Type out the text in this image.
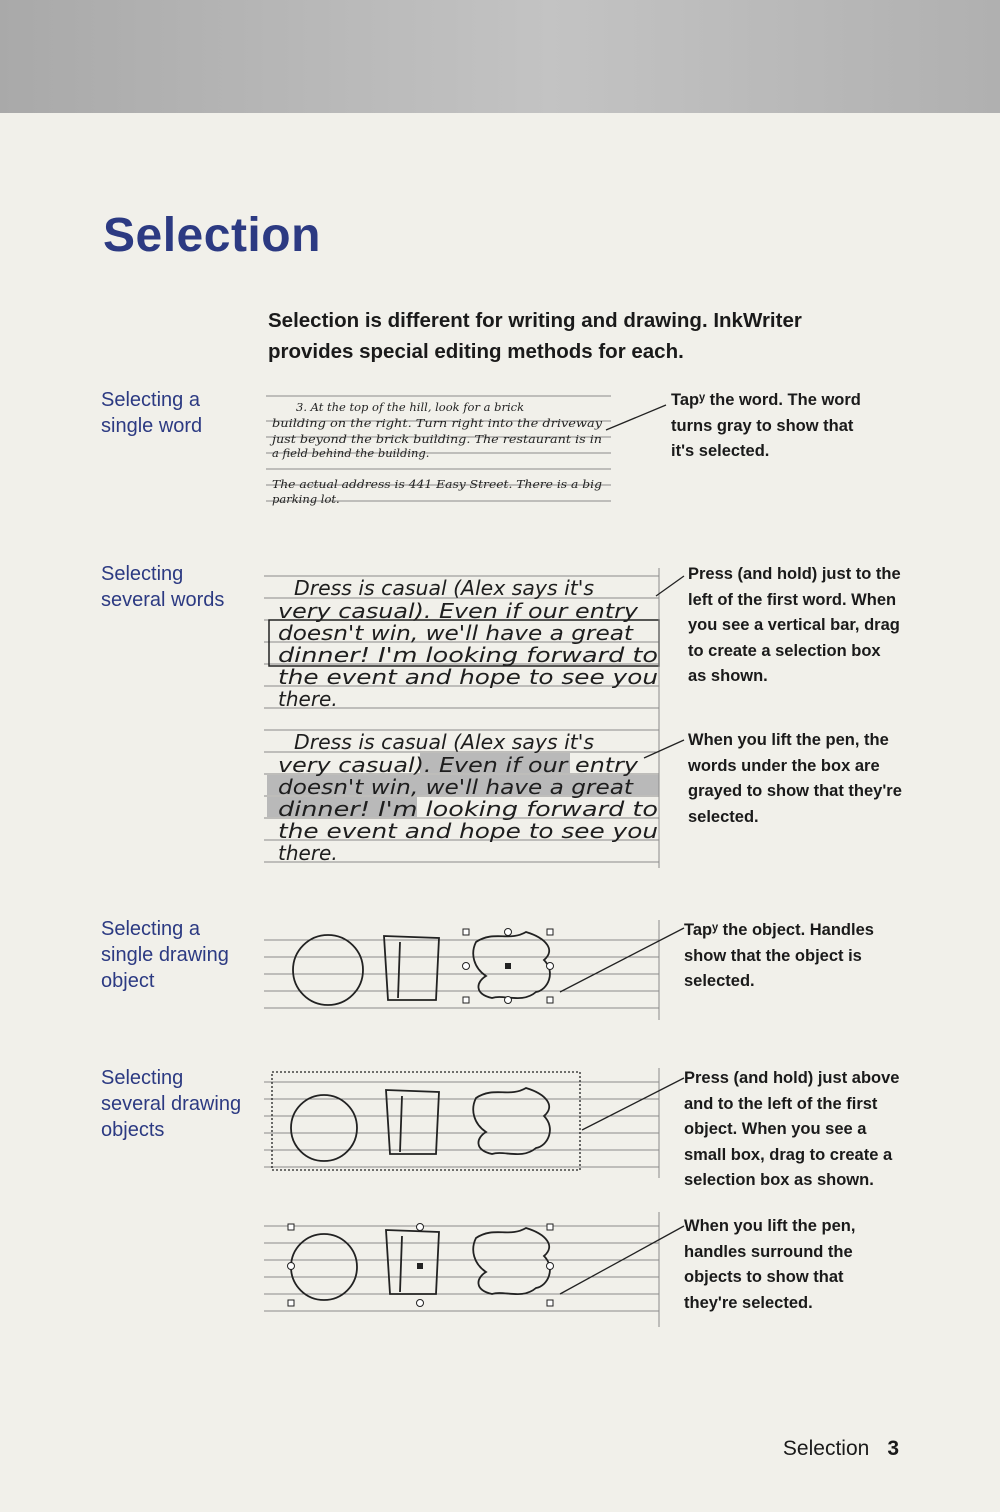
Selection
Selection is different for writing and drawing. InkWriter provides special editing methods for each.
Selecting a
single word
3. At the top of the hill, look for a brick
building on the right. Turn right into the driveway
just beyond the brick building. The restaurant is in
a field behind the building.
The actual address is 441 Easy Street. There is a big
parking lot.
Tapʸ the word. The word turns gray to show that it's selected.
Selecting
several words	Dress is casual (Alex says it's
very casual). Even if our entry
doesn't win, we'll have a great
dinner! I'm looking forward to
the event and hope to see you
there.
Dress is casual (Alex says it's
very casual). Even if our entry
doesn't win, we'll have a great
dinner! I'm looking forward to
the event and hope to see you
there.
Press (and hold) just to the left of the first word. When you see a vertical bar, drag to create a selection box as shown.
When you lift the pen, the words under the box are grayed to show that they're selected.
Selecting a
single drawing
object
Tapʸ the object. Handles show that the object is selected.
Selecting
several drawing
objects
Press (and hold) just above and to the left of the first object. When you see a small box, drag to create a selection box as shown.
When you lift the pen, handles surround the objects to show that they're selected.
Selection 3
